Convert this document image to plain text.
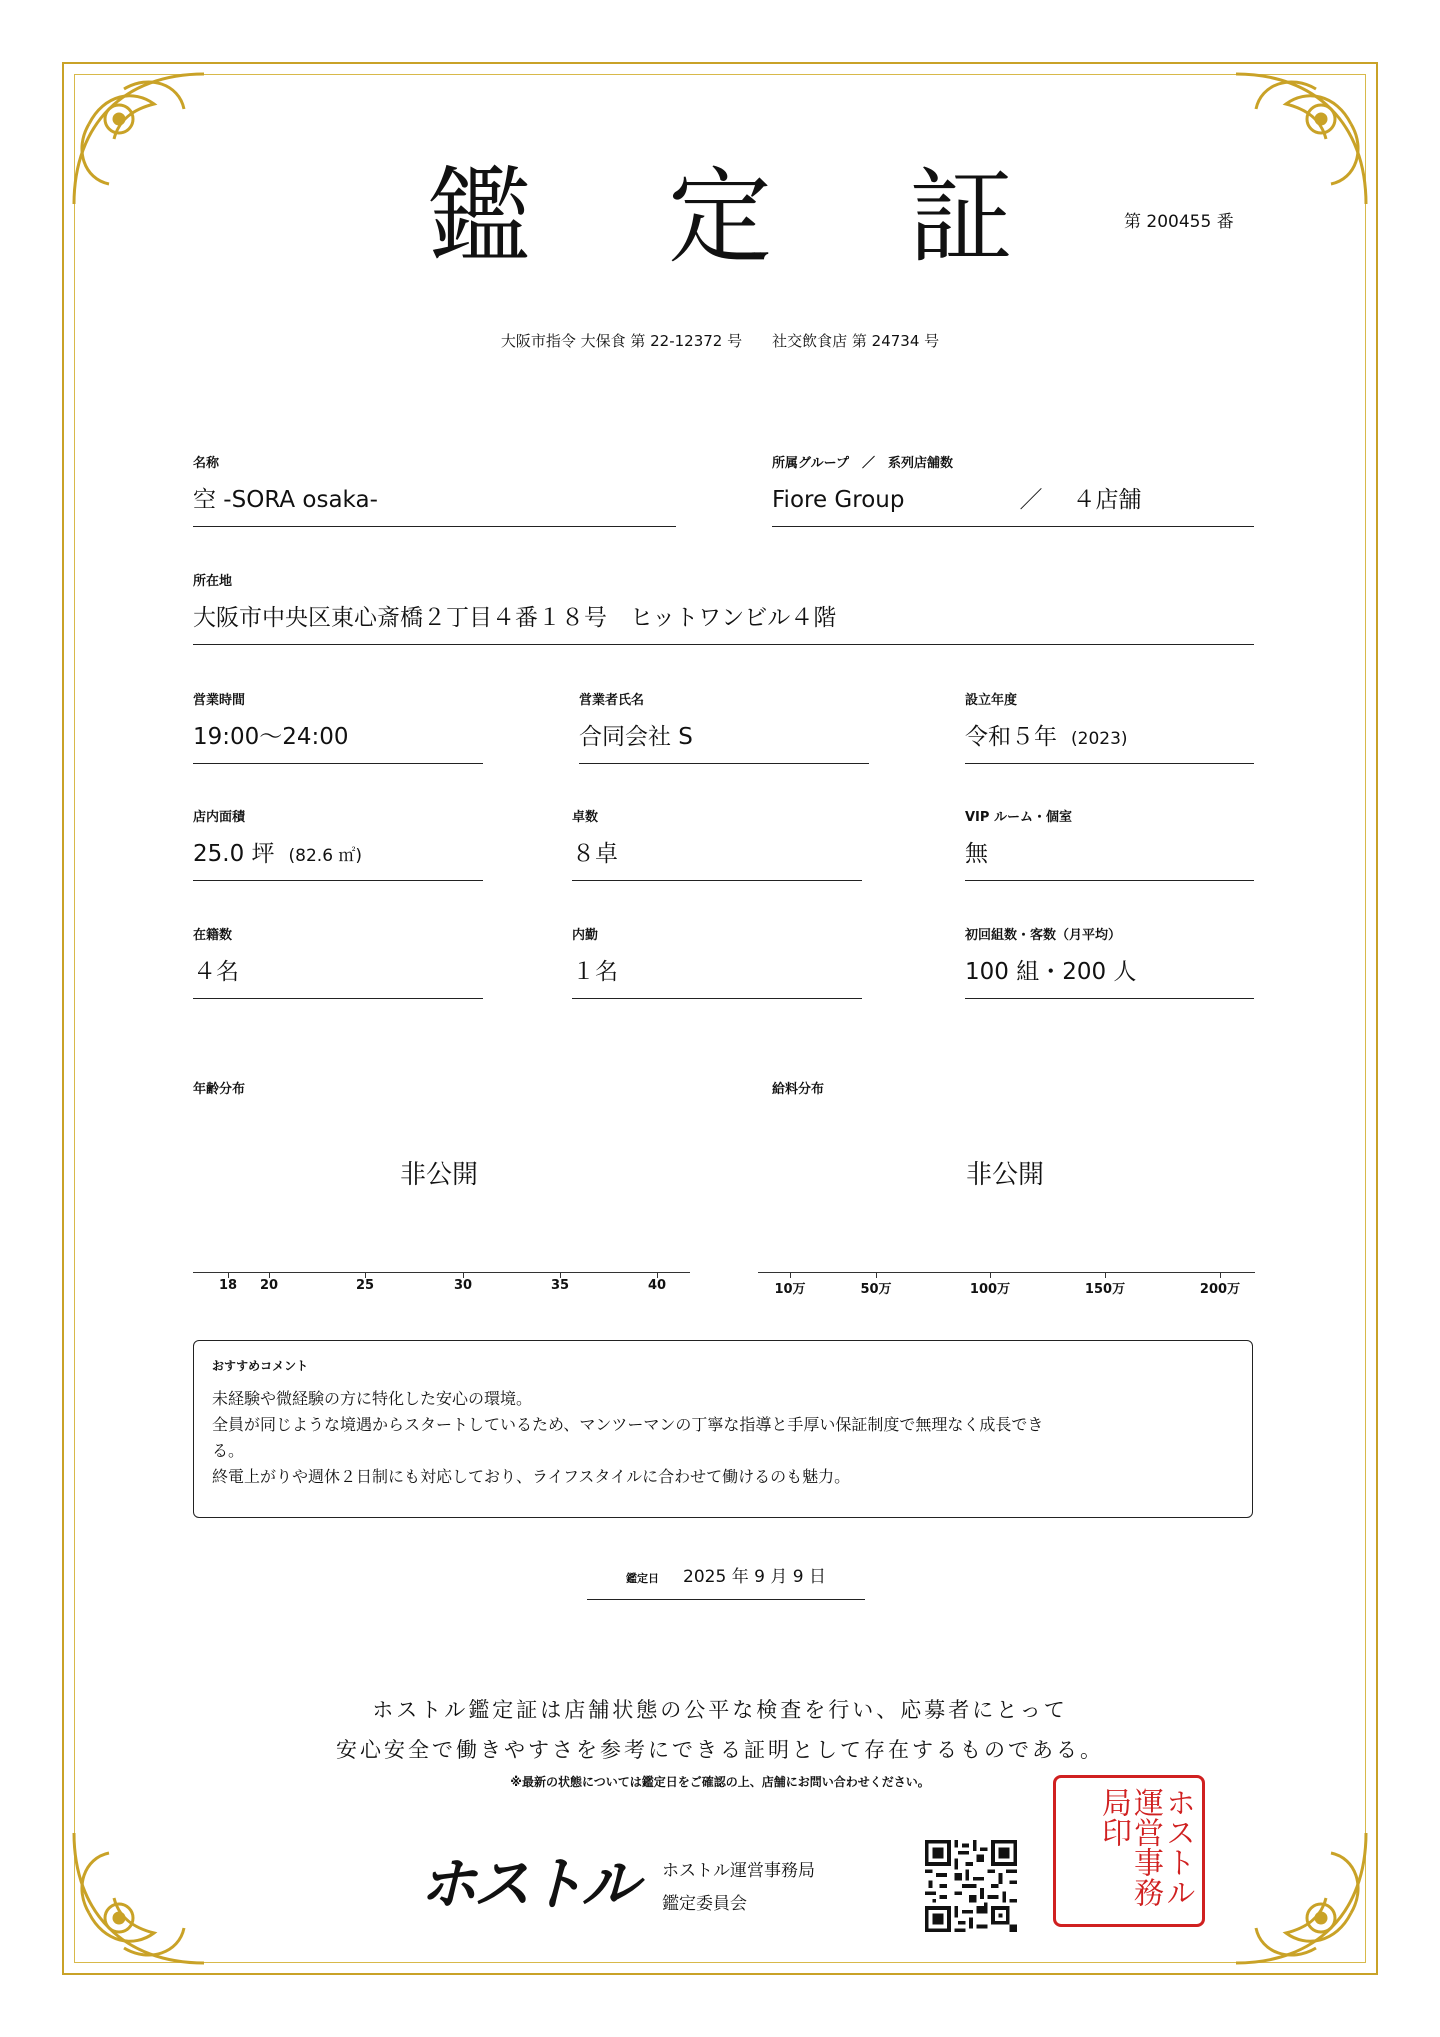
鑑 定 証	第 200455 番
大阪市指令 大保食 第 22-12372 号　　社交飲食店 第 24734 号
名称
空 -SORA osaka-
所属グループ　／　系列店舗数
Fiore Group	／ ４店舗
所在地
大阪市中央区東心斎橋２丁目４番１８号　ヒットワンビル４階
営業時間
19:00〜24:00
営業者氏名
合同会社 S
設立年度
令和５年 (2023)
店内面積
25.0 坪 (82.6 ㎡)
卓数
８卓
VIP ルーム・個室
無
在籍数
４名
内勤
１名
初回組数・客数（月平均）
100 組・200 人
年齢分布
非公開
18 20	25	30	35	40
給料分布
非公開
10万	50万	100万	150万	200万
おすすめコメント
未経験や微経験の方に特化した安心の環境。
全員が同じような境遇からスタートしているため、マンツーマンの丁寧な指導と手厚い保証制度で無理なく成長でき
る。
終電上がりや週休２日制にも対応しており、ライフスタイルに合わせて働けるのも魅力。
鑑定日 2025 年 9 月 9 日
ホストル鑑定証は店舗状態の公平な検査を行い、応募者にとって
安心安全で働きやすさを参考にできる証明として存在するものである。
※最新の状態については鑑定日をご確認の上、店舗にお問い合わせください。
ホストル ホストル運営事務局
鑑定委員会	ホストル運営事務局印
